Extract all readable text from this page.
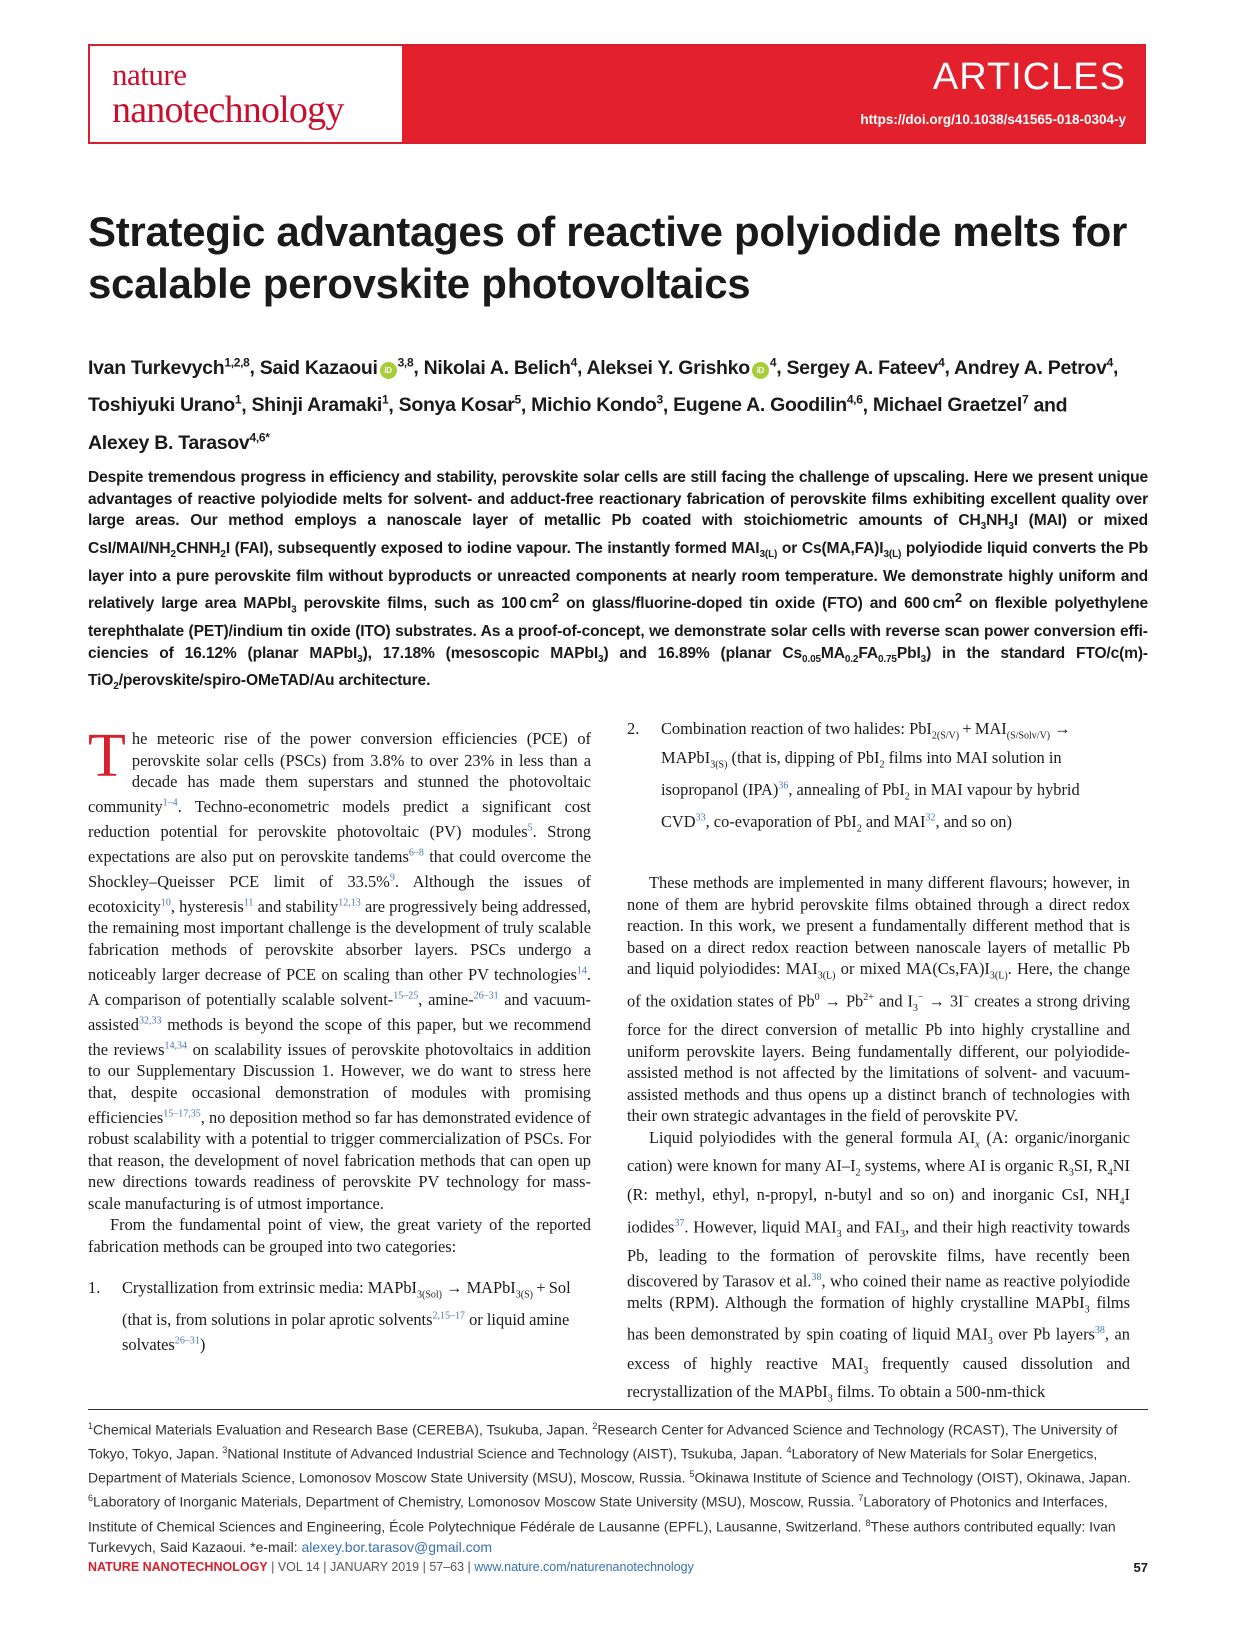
nature
nanotechnology
ARTICLES
https://doi.org/10.1038/s41565-018-0304-y
Strategic advantages of reactive polyiodide melts for scalable perovskite photovoltaics
Ivan Turkevych$^{1,2,8}$, Said Kazaoui iD$^{3,8}$, Nikolai A. Belich$^4$, Aleksei Y. Grishko $iD^4$, Sergey A. Fateev$^4$, Andrey A. Petrov$^4$, Toshiyuki Urano$^1$, Shinji Aramaki$^1$, Sonya Kosar$^5$, Michio Kondo$^3$, Eugene A. Goodilin$^{4,6}$, Michael Graetzel$^7$ and Alexey B. Tarasov$^{4,6*}$
Despite tremendous progress in efficiency and stability, perovskite solar cells are still facing the challenge of upscaling. Here we present unique advantages of reactive polyiodide melts for solvent- and adduct-free reactionary fabrication of perovskite films exhibiting excellent quality over large areas. Our method employs a nanoscale layer of metallic Pb coated with stoichiometric amounts of $CH_3NH_3I$ (MAI) or mixed CsI/$MAI/NH_2CHNH_2I$ (FAI), subsequently exposed to iodine vapour. The instantly formed $MAI_{3(L)}$ or $Cs(MA,FA)I_{3(L)}$ polyiodide liquid converts the Pb layer into a pure perovskite film without byproducts or unreacted components at nearly room temperature. We demonstrate highly uniform and relatively large area MAPbI$_3$ perovskite films, such as 100 $cm^2$ on glass/fluorine-doped tin oxide (FTO) and 600 $cm^2$ on flexible polyethylene terephthalate (PET)/indium tin oxide (ITO) substrates. As a proof-of-concept, we demonstrate solar cells with reverse scan power conversion efficiencies of 16.12% (planar MAPbI$_3$), 17.18% (mesoscopic MAPbI$_3$) and 16.89% (planar $Cs_{0.05}MA_{0.2}FA_{0.75}PbI_3$) in the standard FTO/c(m)-TiO$_2$/perovskite/spiro-OMeTAD/Au architecture.

The meteoric rise of the power conversion efficiencies (PCE) of perovskite solar cells (PSCs) from 3.8% to over 23% in less than a decade has made them superstars and stunned the photovoltaic community$^{1-4}$. Techno-econometric models predict a significant cost reduction potential for perovskite photovoltaic (PV) modules$^5$. Strong expectations are also put on perovskite tandems$^{6-8}$ that could overcome the Shockley–Queisser PCE limit of 33.5%$^9$. Although the issues of ecotoxicity$^{10}$, hysteresis$^{11}$ and stability$^{12,13}$ are progressively being addressed, the remaining most important challenge is the development of truly scalable fabrication methods of perovskite absorber layers. PSCs undergo a noticeably larger decrease of PCE on scaling than other PV technologies$^{14}$. A comparison of potentially scalable solvent-$^{15-25}$, amine-$^{26-31}$ and vacuum-assisted$^{32,33}$ methods is beyond the scope of this paper, but we recommend the reviews$^{14,34}$ on scalability issues of perovskite photovoltaics in addition to our Supplementary Discussion 1. However, we do want to stress here that, despite occasional demonstration of modules with promising efficiencies$^{15-17,35}$, no deposition method so far has demonstrated evidence of robust scalability with a potential to trigger commercialization of PSCs. For that reason, the development of novel fabrication methods that can open up new directions towards readiness of perovskite PV technology for mass-scale manufacturing is of utmost importance.

From the fundamental point of view, the great variety of the reported fabrication methods can be grouped into two categories:

1. Crystallization from extrinsic media: MAPbI$_{3(Sol)}$ → MAPbI$_{3(S)}$ + Sol (that is, from solutions in polar aprotic solvents$^{2,15-17}$ or liquid amine solvates$^{26-31}$)
2. Combination reaction of two halides: $PbI_{2(S/V)} + MAI_{(S/Solv/V)}$ → MAPbI$_{3(S)}$ (that is, dipping of PbI$_2$ films into MAI solution in isopropanol (IPA)$^{36}$, annealing of PbI$_2$ in MAI vapour by hybrid CVD$^{33}$, co-evaporation of PbI$_2$ and MAI$^{32}$, and so on)

These methods are implemented in many different flavours; however, in none of them are hybrid perovskite films obtained through a direct redox reaction. In this work, we present a fundamentally different method that is based on a direct redox reaction between nanoscale layers of metallic Pb and liquid polyiodides: $MAI_{3(L)}$ or mixed $MA(Cs,FA)I_{3(L)}$. Here, the change of the oxidation states of $Pb^0 \to Pb^{2+}$ and $I_3^- \to 3I^-$ creates a strong driving force for the direct conversion of metallic Pb into highly crystalline and uniform perovskite layers. Being fundamentally different, our polyiodide-assisted method is not affected by the limitations of solvent- and vacuum-assisted methods and thus opens up a distinct branch of technologies with their own strategic advantages in the field of perovskite PV.

Liquid polyiodides with the general formula $AI_x$ (A: organic/inorganic cation) were known for many $AI-I_2$ systems, where AI is organic $R_3SI$, $R_4NI$ (R: methyl, ethyl, n-propyl, n-butyl and so on) and inorganic CsI, $NH_4I$ iodides$^{37}$. However, liquid $MAI_3$ and $FAI_3$, and their high reactivity towards Pb, leading to the formation of perovskite films, have recently been discovered by Tarasov et al.$^{38}$, who coined their name as reactive polyiodide melts (RPM). Although the formation of highly crystalline MAPbI$_3$ films has been demonstrated by spin coating of liquid $MAI_3$ over Pb layers$^{38}$, an excess of highly reactive $MAI_3$ frequently caused dissolution and recrystallization of the MAPbI$_3$ films. To obtain a 500-nm-thick

$^1$Chemical Materials Evaluation and Research Base (CEREBA), Tsukuba, Japan. $^2$Research Center for Advanced Science and Technology (RCAST), The University of Tokyo, Tokyo, Japan. $^3$National Institute of Advanced Industrial Science and Technology (AIST), Tsukuba, Japan. $^4$Laboratory of New Materials for Solar Energetics, Department of Materials Science, Lomonosov Moscow State University (MSU), Moscow, Russia. $^5$Okinawa Institute of Science and Technology (OIST), Okinawa, Japan. $^6$Laboratory of Inorganic Materials, Department of Chemistry, Lomonosov Moscow State University (MSU), Moscow, Russia. $^7$Laboratory of Photonics and Interfaces, Institute of Chemical Sciences and Engineering, École Polytechnique Fédérale de Lausanne (EPFL), Lausanne, Switzerland. $^8$These authors contributed equally: Ivan Turkevych, Said Kazaoui. *e-mail: alexey.bor.tarasov@gmail.com
NATURE NANOTECHNOLOGY | VOL 14 | JANUARY 2019 | 57–63 | www.nature.com/naturenanotechnology	57
